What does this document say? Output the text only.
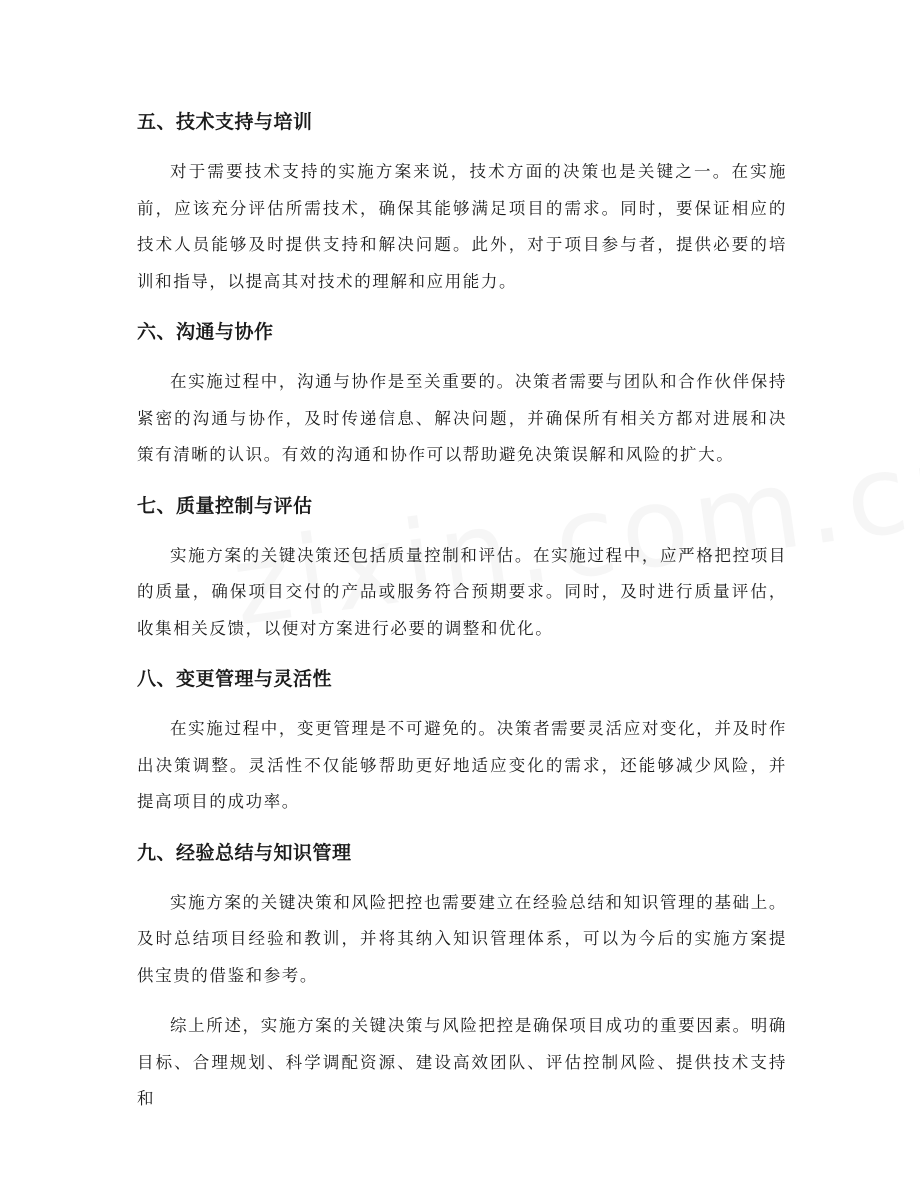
五、技术支持与培训

对于需要技术支持的实施方案来说，技术方面的决策也是关键之一。在实施前，应该充分评估所需技术，确保其能够满足项目的需求。同时，要保证相应的技术人员能够及时提供支持和解决问题。此外，对于项目参与者，提供必要的培训和指导，以提高其对技术的理解和应用能力。

六、沟通与协作

在实施过程中，沟通与协作是至关重要的。决策者需要与团队和合作伙伴保持紧密的沟通与协作，及时传递信息、解决问题，并确保所有相关方都对进展和决策有清晰的认识。有效的沟通和协作可以帮助避免决策误解和风险的扩大。

七、质量控制与评估

实施方案的关键决策还包括质量控制和评估。在实施过程中，应严格把控项目的质量，确保项目交付的产品或服务符合预期要求。同时，及时进行质量评估，收集相关反馈，以便对方案进行必要的调整和优化。

八、变更管理与灵活性

在实施过程中，变更管理是不可避免的。决策者需要灵活应对变化，并及时作出决策调整。灵活性不仅能够帮助更好地适应变化的需求，还能够减少风险，并提高项目的成功率。

九、经验总结与知识管理

实施方案的关键决策和风险把控也需要建立在经验总结和知识管理的基础上。及时总结项目经验和教训，并将其纳入知识管理体系，可以为今后的实施方案提供宝贵的借鉴和参考。

综上所述，实施方案的关键决策与风险把控是确保项目成功的重要因素。明确目标、合理规划、科学调配资源、建设高效团队、评估控制风险、提供技术支持和
